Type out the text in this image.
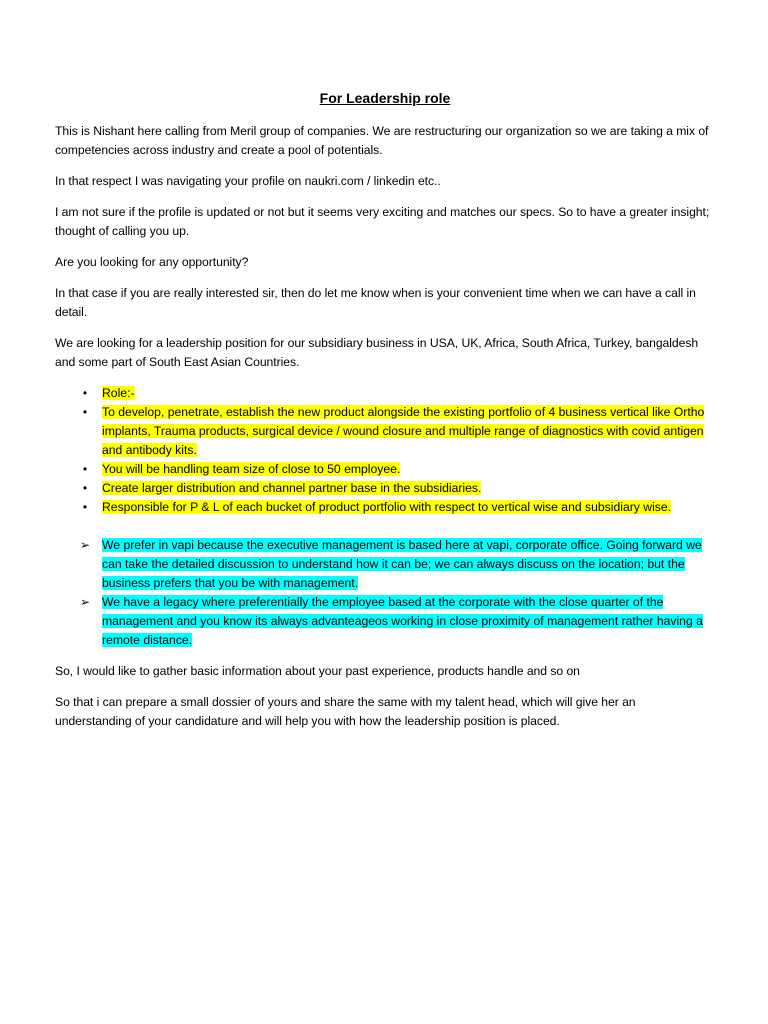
For Leadership role

This is Nishant here calling from Meril group of companies. We are restructuring our organization so we are taking a mix of competencies across industry and create a pool of potentials.

In that respect I was navigating your profile on naukri.com / linkedin etc..

I am not sure if the profile is updated or not but it seems very exciting and matches our specs. So to have a greater insight; thought of calling you up.

Are you looking for any opportunity?

In that case if you are really interested sir, then do let me know when is your convenient time when we can have a call in detail.

We are looking for a leadership position for our subsidiary business in USA, UK, Africa, South Africa, Turkey, bangaldesh and some part of South East Asian Countries.

•	Role:-
•	To develop, penetrate, establish the new product alongside the existing portfolio of 4 business vertical like Ortho implants, Trauma products, surgical device / wound closure and multiple range of diagnostics with covid antigen and antibody kits.
•	You will be handling team size of close to 50 employee.
•	Create larger distribution and channel partner base in the subsidiaries.
•	Responsible for P & L of each bucket of product portfolio with respect to vertical wise and subsidiary wise.
➢ We prefer in vapi because the executive management is based here at vapi, corporate office. Going forward we can take the detailed discussion to understand how it can be; we can always discuss on the location; but the business prefers that you be with management.
➢ We have a legacy where preferentially the employee based at the corporate with the close quarter of the management and you know its always advanteageos working in close proximity of management rather having a remote distance.

So, I would like to gather basic information about your past experience, products handle and so on

So that i can prepare a small dossier of yours and share the same with my talent head, which will give her an understanding of your candidature and will help you with how the leadership position is placed.
